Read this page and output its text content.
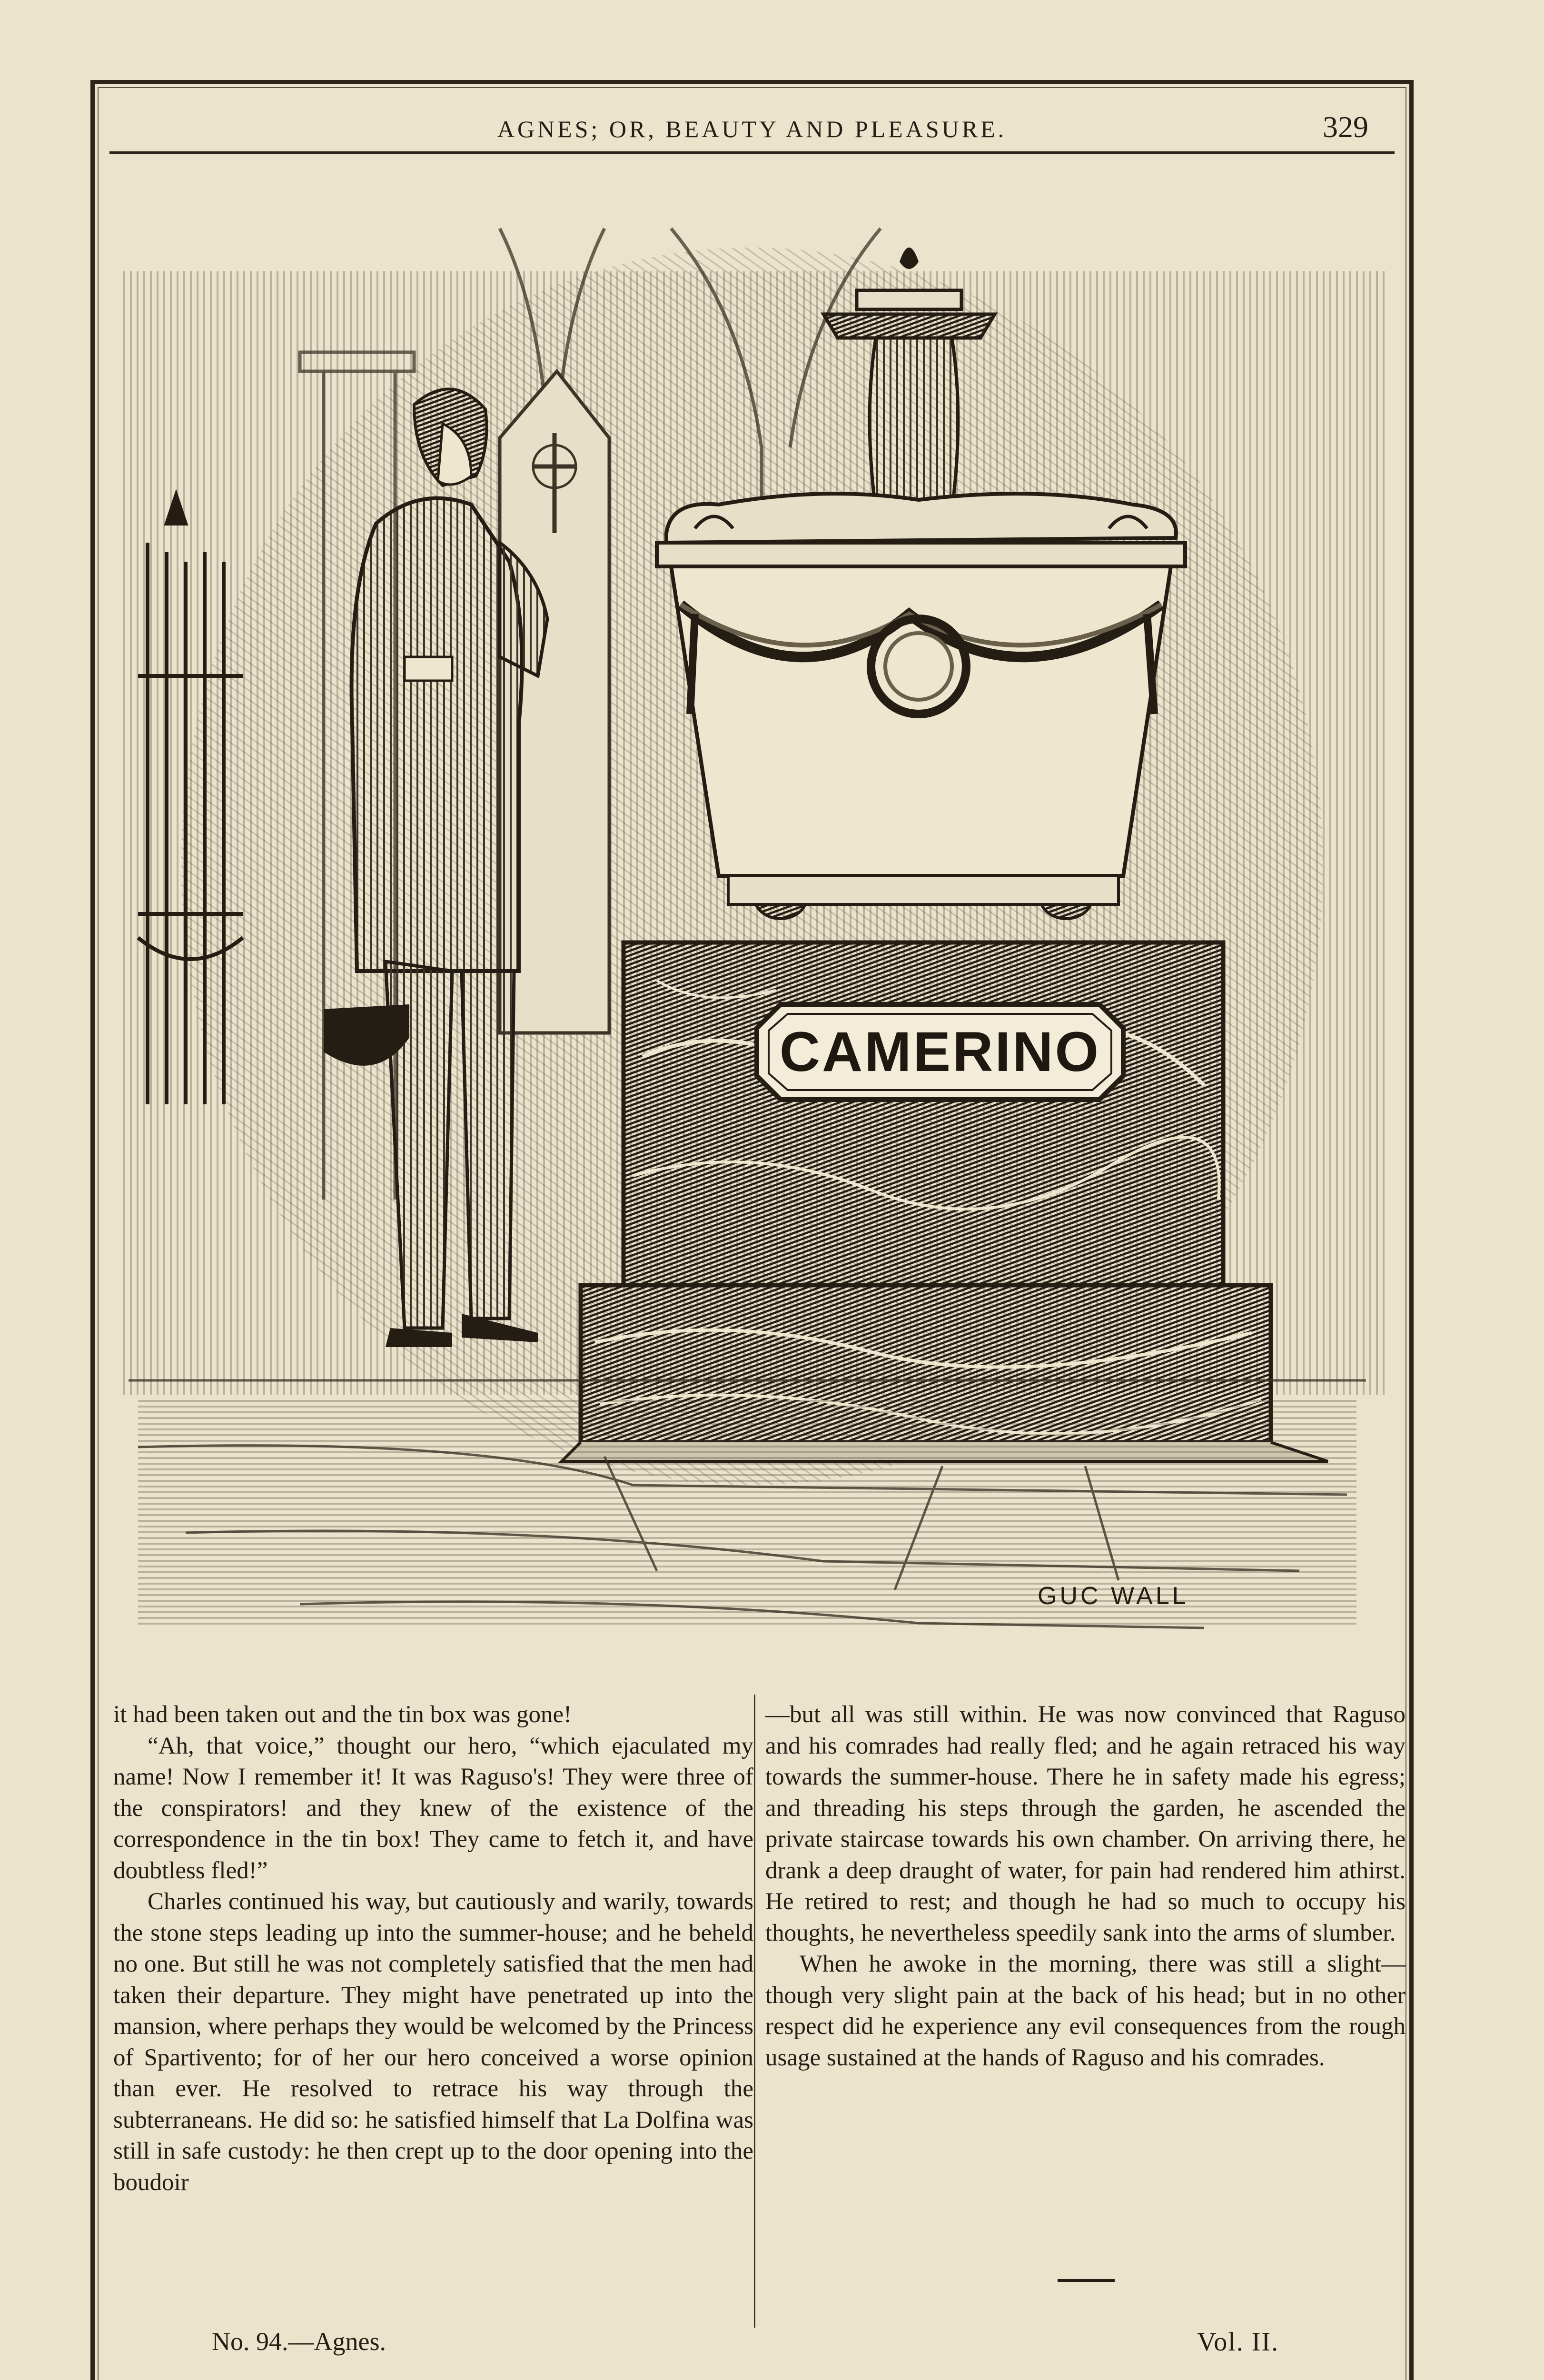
AGNES; OR, BEAUTY AND PLEASURE.	329
CAMERINO
GUC WALL

it had been taken out and the tin box was gone!

“Ah, that voice,” thought our hero, “which ejaculated my name! Now I remember it! It was Raguso's! They were three of the conspirators! and they knew of the existence of the correspondence in the tin box! They came to fetch it, and have doubtless fled!”

Charles continued his way, but cautiously and warily, towards the stone steps leading up into the summer-house; and he beheld no one. But still he was not completely satisfied that the men had taken their departure. They might have penetrated up into the mansion, where perhaps they would be welcomed by the Princess of Spartivento; for of her our hero conceived a worse opinion than ever. He resolved to retrace his way through the subterraneans. He did so: he satisfied himself that La Dolfina was still in safe custody: he then crept up to the door opening into the boudoir

—but all was still within. He was now convinced that Raguso and his comrades had really fled; and he again retraced his way towards the summer-house. There he in safety made his egress; and threading his steps through the garden, he ascended the private staircase towards his own chamber. On arriving there, he drank a deep draught of water, for pain had rendered him athirst. He retired to rest; and though he had so much to occupy his thoughts, he nevertheless speedily sank into the arms of slumber.

When he awoke in the morning, there was still a slight—though very slight pain at the back of his head; but in no other respect did he experience any evil consequences from the rough usage sustained at the hands of Raguso and his comrades.

No. 94.—Agnes.	Vol. II.
